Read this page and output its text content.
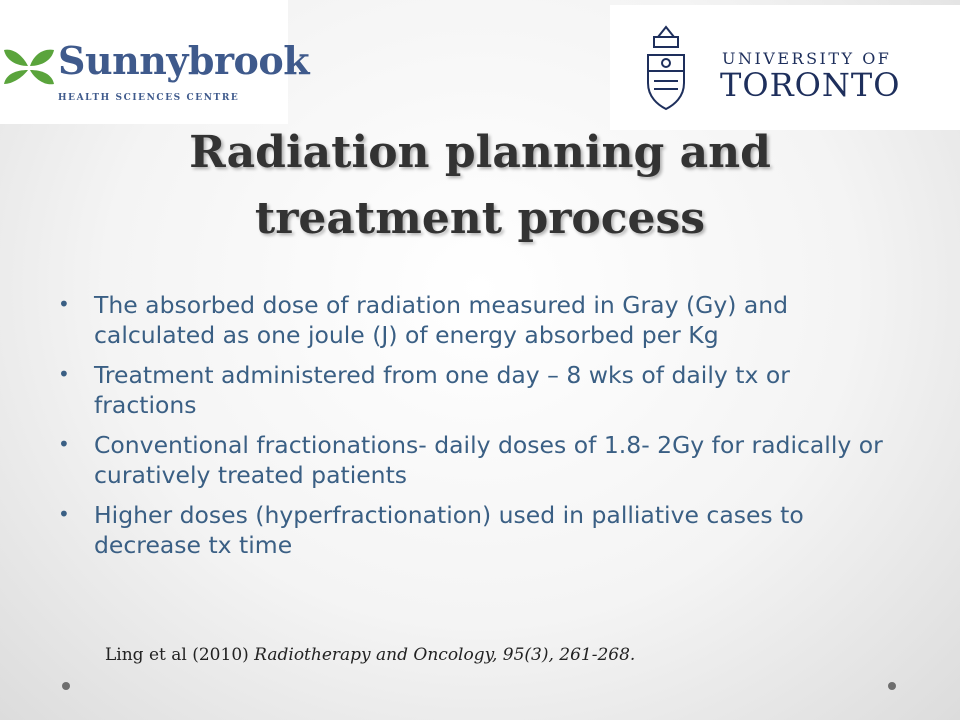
Sunnybrook
HEALTH SCIENCES CENTRE
UNIVERSITY OF
TORONTO
Radiation planning and
treatment process
• The absorbed dose of radiation measured in Gray (Gy) and calculated as one joule (J) of energy absorbed per Kg
• Treatment administered from one day – 8 wks of daily tx or fractions
• Conventional fractionations- daily doses of 1.8- 2Gy for radically or curatively treated patients
• Higher doses (hyperfractionation) used in palliative cases to decrease tx time
Ling et al (2010) Radiotherapy and Oncology, 95(3), 261-268.
